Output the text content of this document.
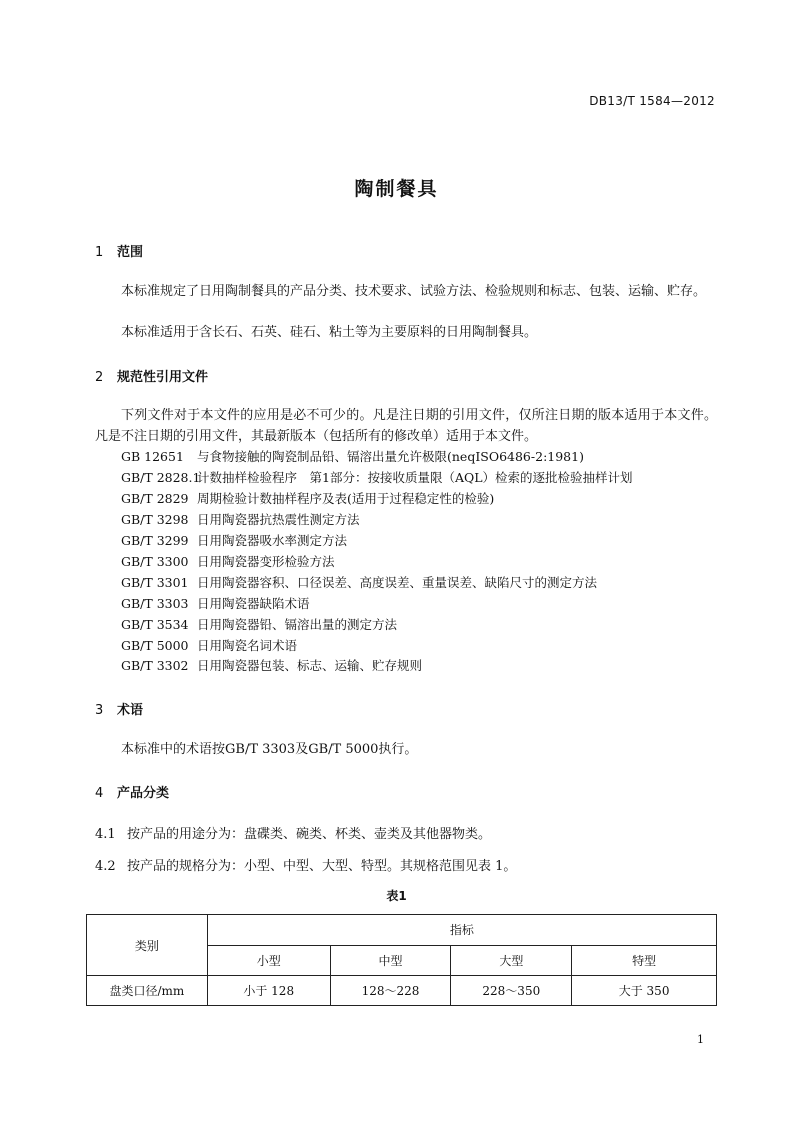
DB13/T 1584—2012
陶制餐具
1 范围
本标准规定了日用陶制餐具的产品分类、技术要求、试验方法、检验规则和标志、包装、运输、贮存。
本标准适用于含长石、石英、硅石、粘土等为主要原料的日用陶制餐具。
2 规范性引用文件
下列文件对于本文件的应用是必不可少的。凡是注日期的引用文件，仅所注日期的版本适用于本文件。凡是不注日期的引用文件，其最新版本（包括所有的修改单）适用于本文件。
GB 12651 与食物接触的陶瓷制品铅、镉溶出量允许极限(neqISO6486-2:1981)
GB/T 2828.1计数抽样检验程序　第1部分：按接收质量限（AQL）检索的逐批检验抽样计划
GB/T 2829 周期检验计数抽样程序及表(适用于过程稳定性的检验)
GB/T 3298 日用陶瓷器抗热震性测定方法
GB/T 3299 日用陶瓷器吸水率测定方法
GB/T 3300 日用陶瓷器变形检验方法
GB/T 3301 日用陶瓷器容积、口径误差、高度误差、重量误差、缺陷尺寸的测定方法
GB/T 3303 日用陶瓷器缺陷术语
GB/T 3534 日用陶瓷器铅、镉溶出量的测定方法
GB/T 5000 日用陶瓷名词术语
GB/T 3302 日用陶瓷器包装、标志、运输、贮存规则
3 术语
本标准中的术语按GB/T 3303及GB/T 5000执行。
4 产品分类
4.1 按产品的用途分为：盘碟类、碗类、杯类、壶类及其他器物类。
4.2 按产品的规格分为：小型、中型、大型、特型。其规格范围见表 1。
表1
类别	指标			
	小型	中型	大型	特型
盘类口径/mm	小于 128	128～228	228～350	大于 350
1
